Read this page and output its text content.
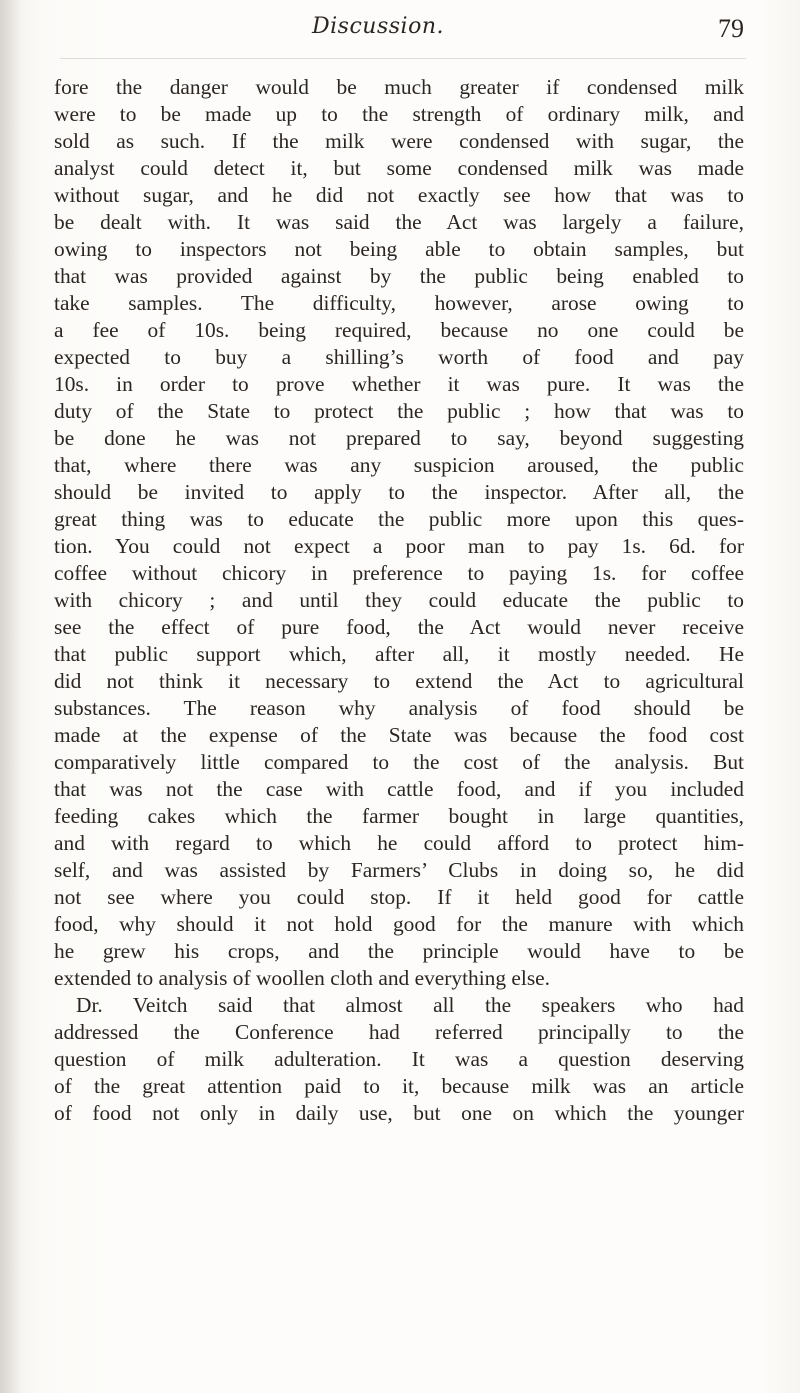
Discussion.	79
fore the danger would be much greater if condensed milk
were to be made up to the strength of ordinary milk, and
sold as such. If the milk were condensed with sugar, the
analyst could detect it, but some condensed milk was made
without sugar, and he did not exactly see how that was to
be dealt with. It was said the Act was largely a failure,
owing to inspectors not being able to obtain samples, but
that was provided against by the public being enabled to
take samples. The difficulty, however, arose owing to
a fee of 10s. being required, because no one could be
expected to buy a shilling’s worth of food and pay
10s. in order to prove whether it was pure. It was the
duty of the State to protect the public ; how that was to
be done he was not prepared to say, beyond suggesting
that, where there was any suspicion aroused, the public
should be invited to apply to the inspector. After all, the
great thing was to educate the public more upon this ques-
tion. You could not expect a poor man to pay 1s. 6d. for
coffee without chicory in preference to paying 1s. for coffee
with chicory ; and until they could educate the public to
see the effect of pure food, the Act would never receive
that public support which, after all, it mostly needed. He
did not think it necessary to extend the Act to agricultural
substances. The reason why analysis of food should be
made at the expense of the State was because the food cost
comparatively little compared to the cost of the analysis. But
that was not the case with cattle food, and if you included
feeding cakes which the farmer bought in large quantities,
and with regard to which he could afford to protect him-
self, and was assisted by Farmers’ Clubs in doing so, he did
not see where you could stop. If it held good for cattle
food, why should it not hold good for the manure with which
he grew his crops, and the principle would have to be
extended to analysis of woollen cloth and everything else.
Dr. Veitch said that almost all the speakers who had
addressed the Conference had referred principally to the
question of milk adulteration. It was a question deserving
of the great attention paid to it, because milk was an article
of food not only in daily use, but one on which the younger
